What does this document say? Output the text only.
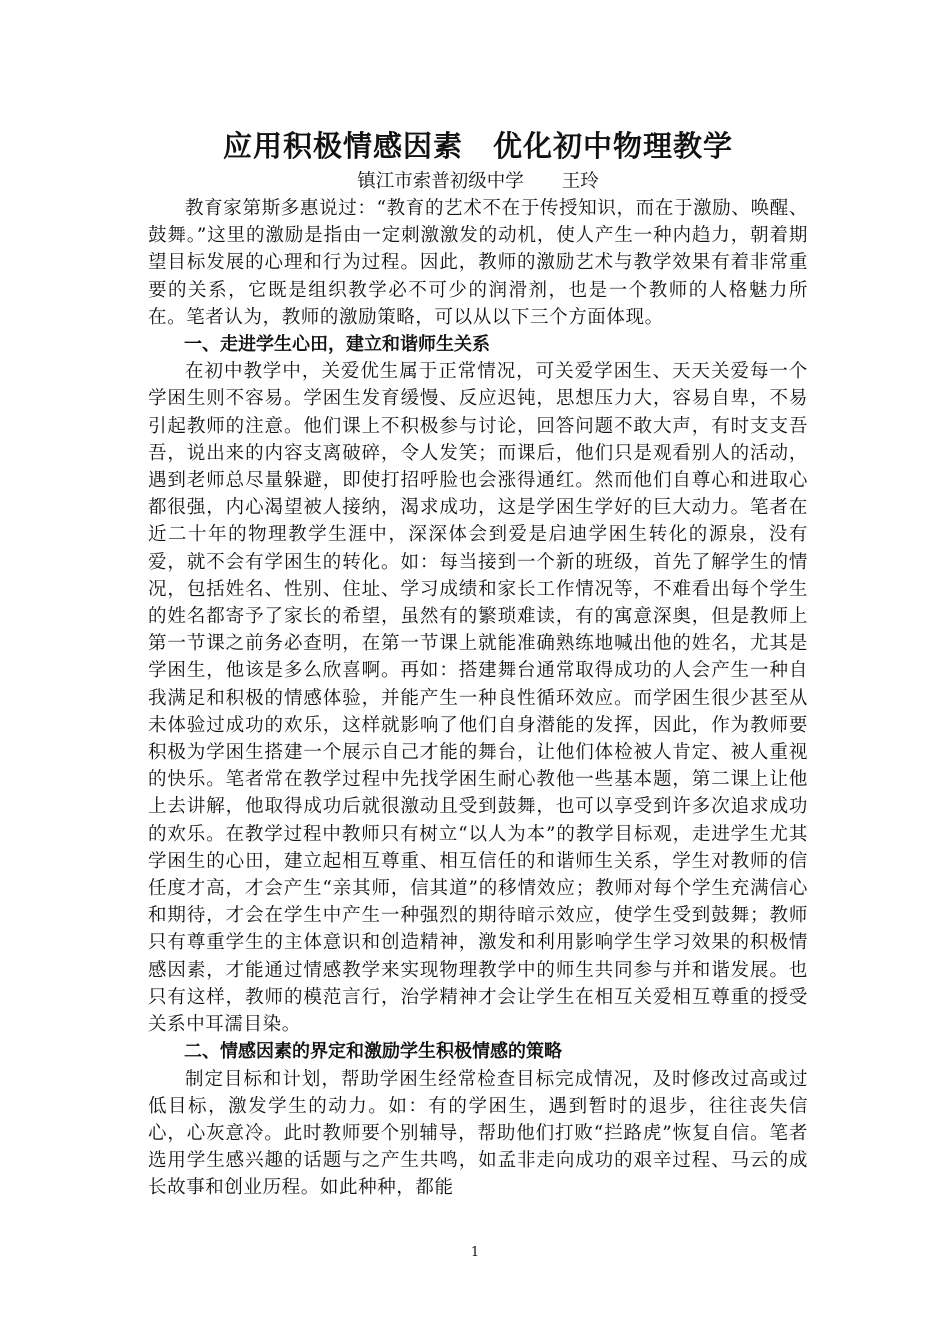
应用积极情感因素 优化初中物理教学

镇江市索普初级中学 王玲

教育家第斯多惠说过：“教育的艺术不在于传授知识，而在于激励、唤醒、鼓舞。”这里的激励是指由一定刺激激发的动机，使人产生一种内趋力，朝着期望目标发展的心理和行为过程。因此，教师的激励艺术与教学效果有着非常重要的关系，它既是组织教学必不可少的润滑剂，也是一个教师的人格魅力所在。笔者认为，教师的激励策略，可以从以下三个方面体现。

一、走进学生心田，建立和谐师生关系

在初中教学中，关爱优生属于正常情况，可关爱学困生、天天关爱每一个学困生则不容易。学困生发育缓慢、反应迟钝，思想压力大，容易自卑，不易引起教师的注意。他们课上不积极参与讨论，回答问题不敢大声，有时支支吾吾，说出来的内容支离破碎，令人发笑；而课后，他们只是观看别人的活动，遇到老师总尽量躲避，即使打招呼脸也会涨得通红。然而他们自尊心和进取心都很强，内心渴望被人接纳，渴求成功，这是学困生学好的巨大动力。笔者在近二十年的物理教学生涯中，深深体会到爱是启迪学困生转化的源泉，没有爱，就不会有学困生的转化。如：每当接到一个新的班级，首先了解学生的情况，包括姓名、性别、住址、学习成绩和家长工作情况等，不难看出每个学生的姓名都寄予了家长的希望，虽然有的繁琐难读，有的寓意深奥，但是教师上第一节课之前务必查明，在第一节课上就能准确熟练地喊出他的姓名，尤其是学困生，他该是多么欣喜啊。再如：搭建舞台通常取得成功的人会产生一种自我满足和积极的情感体验，并能产生一种良性循环效应。而学困生很少甚至从未体验过成功的欢乐，这样就影响了他们自身潜能的发挥，因此，作为教师要积极为学困生搭建一个展示自己才能的舞台，让他们体检被人肯定、被人重视的快乐。笔者常在教学过程中先找学困生耐心教他一些基本题，第二课上让他上去讲解，他取得成功后就很激动且受到鼓舞，也可以享受到许多次追求成功的欢乐。在教学过程中教师只有树立“以人为本”的教学目标观，走进学生尤其学困生的心田，建立起相互尊重、相互信任的和谐师生关系，学生对教师的信任度才高，才会产生“亲其师，信其道”的移情效应；教师对每个学生充满信心和期待，才会在学生中产生一种强烈的期待暗示效应，使学生受到鼓舞；教师只有尊重学生的主体意识和创造精神，激发和利用影响学生学习效果的积极情感因素，才能通过情感教学来实现物理教学中的师生共同参与并和谐发展。也只有这样，教师的模范言行，治学精神才会让学生在相互关爱相互尊重的授受关系中耳濡目染。

二、情感因素的界定和激励学生积极情感的策略

制定目标和计划，帮助学困生经常检查目标完成情况，及时修改过高或过低目标，激发学生的动力。如：有的学困生，遇到暂时的退步，往往丧失信心，心灰意冷。此时教师要个别辅导，帮助他们打败“拦路虎”恢复自信。笔者选用学生感兴趣的话题与之产生共鸣，如孟非走向成功的艰辛过程、马云的成长故事和创业历程。如此种种，都能

1
